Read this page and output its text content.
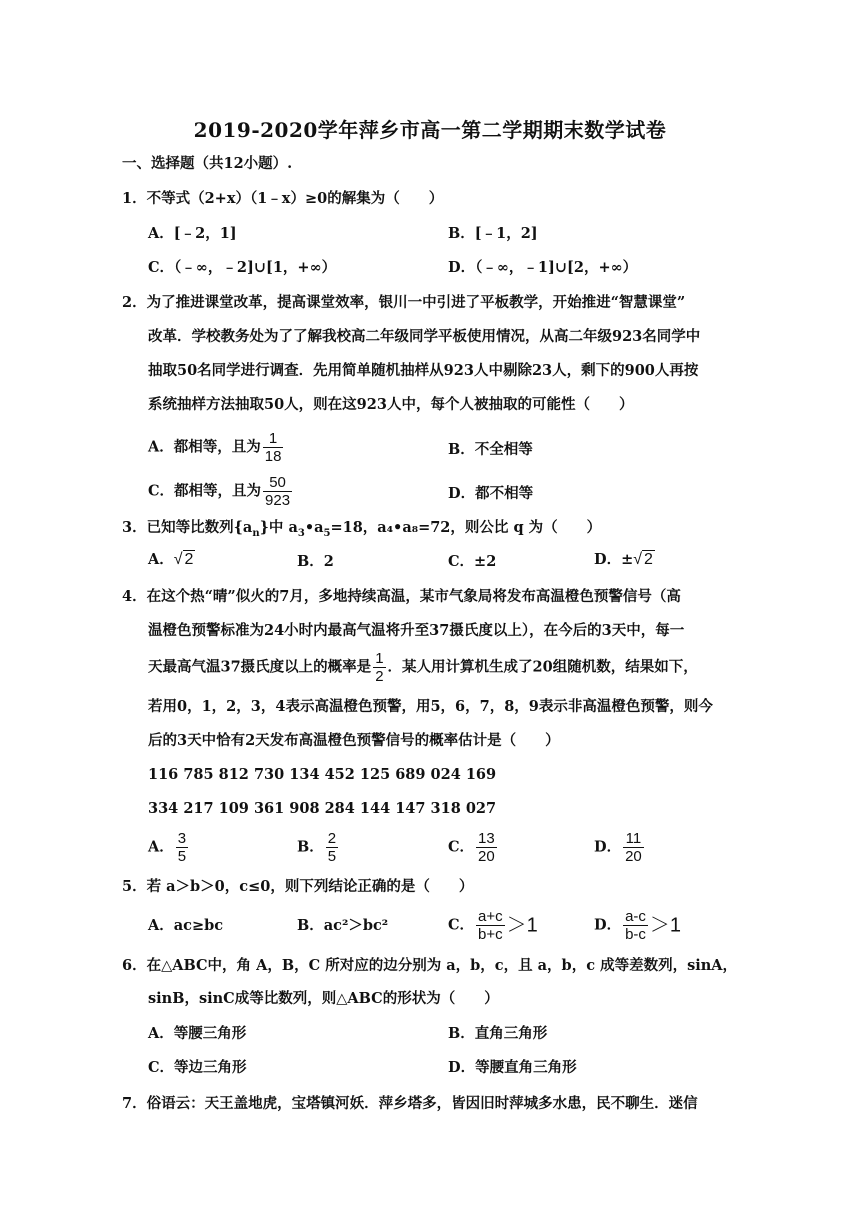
2019-2020学年萍乡市高一第二学期期末数学试卷
一、选择题（共12小题）.
1．不等式（2+x）（1﹣x）≥0的解集为（　　）
A．[﹣2，1]	B．[﹣1，2]
C．（﹣∞，﹣2]∪[1，+∞）	D．（﹣∞，﹣1]∪[2，+∞）
2．为了推进课堂改革，提高课堂效率，银川一中引进了平板教学，开始推进“智慧课堂”
改革．学校教务处为了了解我校高二年级同学平板使用情况，从高二年级923名同学中
抽取50名同学进行调查．先用简单随机抽样从923人中剔除23人，剩下的900人再按
系统抽样方法抽取50人，则在这923人中，每个人被抽取的可能性（　　）
A．都相等，且为 $\frac{1}{18}$	B．不全相等
C．都相等，且为 $\frac{50}{923}$	D．都不相等
3．已知等比数列$\{a_n\}$中 $a_3•a_5=18$，a₄•a₈=72，则公比 q 为（　　）
A．√ 2	B．2	C．±2	D．±√ 2
4．在这个热“晴”似火的7月，多地持续高温，某市气象局将发布高温橙色预警信号（高
温橙色预警标准为24小时内最高气温将升至37摄氏度以上），在今后的3天中，每一
天最高气温37摄氏度以上的概率是 $\frac{1}{2}$ ．某人用计算机生成了20组随机数，结果如下，
若用0，1，2，3，4表示高温橙色预警，用5，6，7，8，9表示非高温橙色预警，则今
后的3天中恰有2天发布高温橙色预警信号的概率估计是（　　）
116 785 812 730 134 452 125 689 024 169
334 217 109 361 908 284 144 147 318 027
A． $\frac{3}{5}$	B． $\frac{2}{5}$	C． $\frac{13}{20}$	D． $\frac{11}{20}$
5．若 a＞b＞0，c≤0，则下列结论正确的是（　　）
A．ac≥bc	B．ac²＞bc²	C． $\frac{a+c}{b+c} >1$	D． $\frac{a-c}{b-c} >1$
6．在△ABC中，角 A，B，C 所对应的边分别为 a，b，c，且 a，b，c 成等差数列，sinA，
sinB，sinC成等比数列，则△ABC的形状为（　　）
A．等腰三角形	B．直角三角形
C．等边三角形	D．等腰直角三角形
7．俗语云：天王盖地虎，宝塔镇河妖．萍乡塔多，皆因旧时萍城多水患，民不聊生．迷信
